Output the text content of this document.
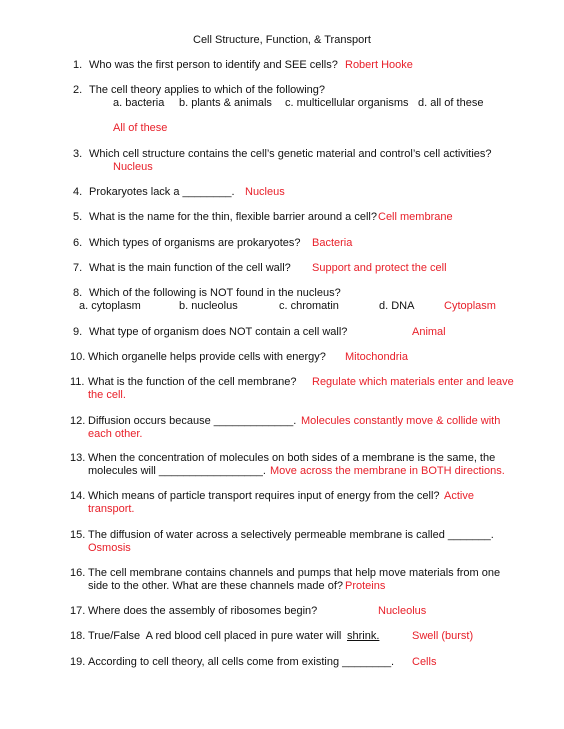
Cell Structure, Function, & Transport
1. Who was the first person to identify and SEE cells? Robert Hooke
2. The cell theory applies to which of the following?
a. bacteria b. plants & animals c. multicellular organisms d. all of these
All of these
3. Which cell structure contains the cell’s genetic material and control’s cell activities?
Nucleus
4. Prokaryotes lack a ________. Nucleus
5. What is the name for the thin, flexible barrier around a cell? Cell membrane
6. Which types of organisms are prokaryotes? Bacteria
7. What is the main function of the cell wall? Support and protect the cell
8. Which of the following is NOT found in the nucleus?
a. cytoplasm	b. nucleolus	c. chromatin	d. DNA	Cytoplasm
9. What type of organism does NOT contain a cell wall?	Animal
10. Which organelle helps provide cells with energy? Mitochondria
11. What is the function of the cell membrane? Regulate which materials enter and leave
the cell.
12. Diffusion occurs because _____________. Molecules constantly move & collide with
each other.
13. When the concentration of molecules on both sides of a membrane is the same, the
molecules will _________________. Move across the membrane in BOTH directions.
14. Which means of particle transport requires input of energy from the cell? Active
transport.
15. The diffusion of water across a selectively permeable membrane is called _______.
Osmosis
16. The cell membrane contains channels and pumps that help move materials from one
side to the other. What are these channels made of? Proteins
17. Where does the assembly of ribosomes begin?	Nucleolus
18. True/False  A red blood cell placed in pure water will shrink.	Swell (burst)
19. According to cell theory, all cells come from existing ________. Cells
